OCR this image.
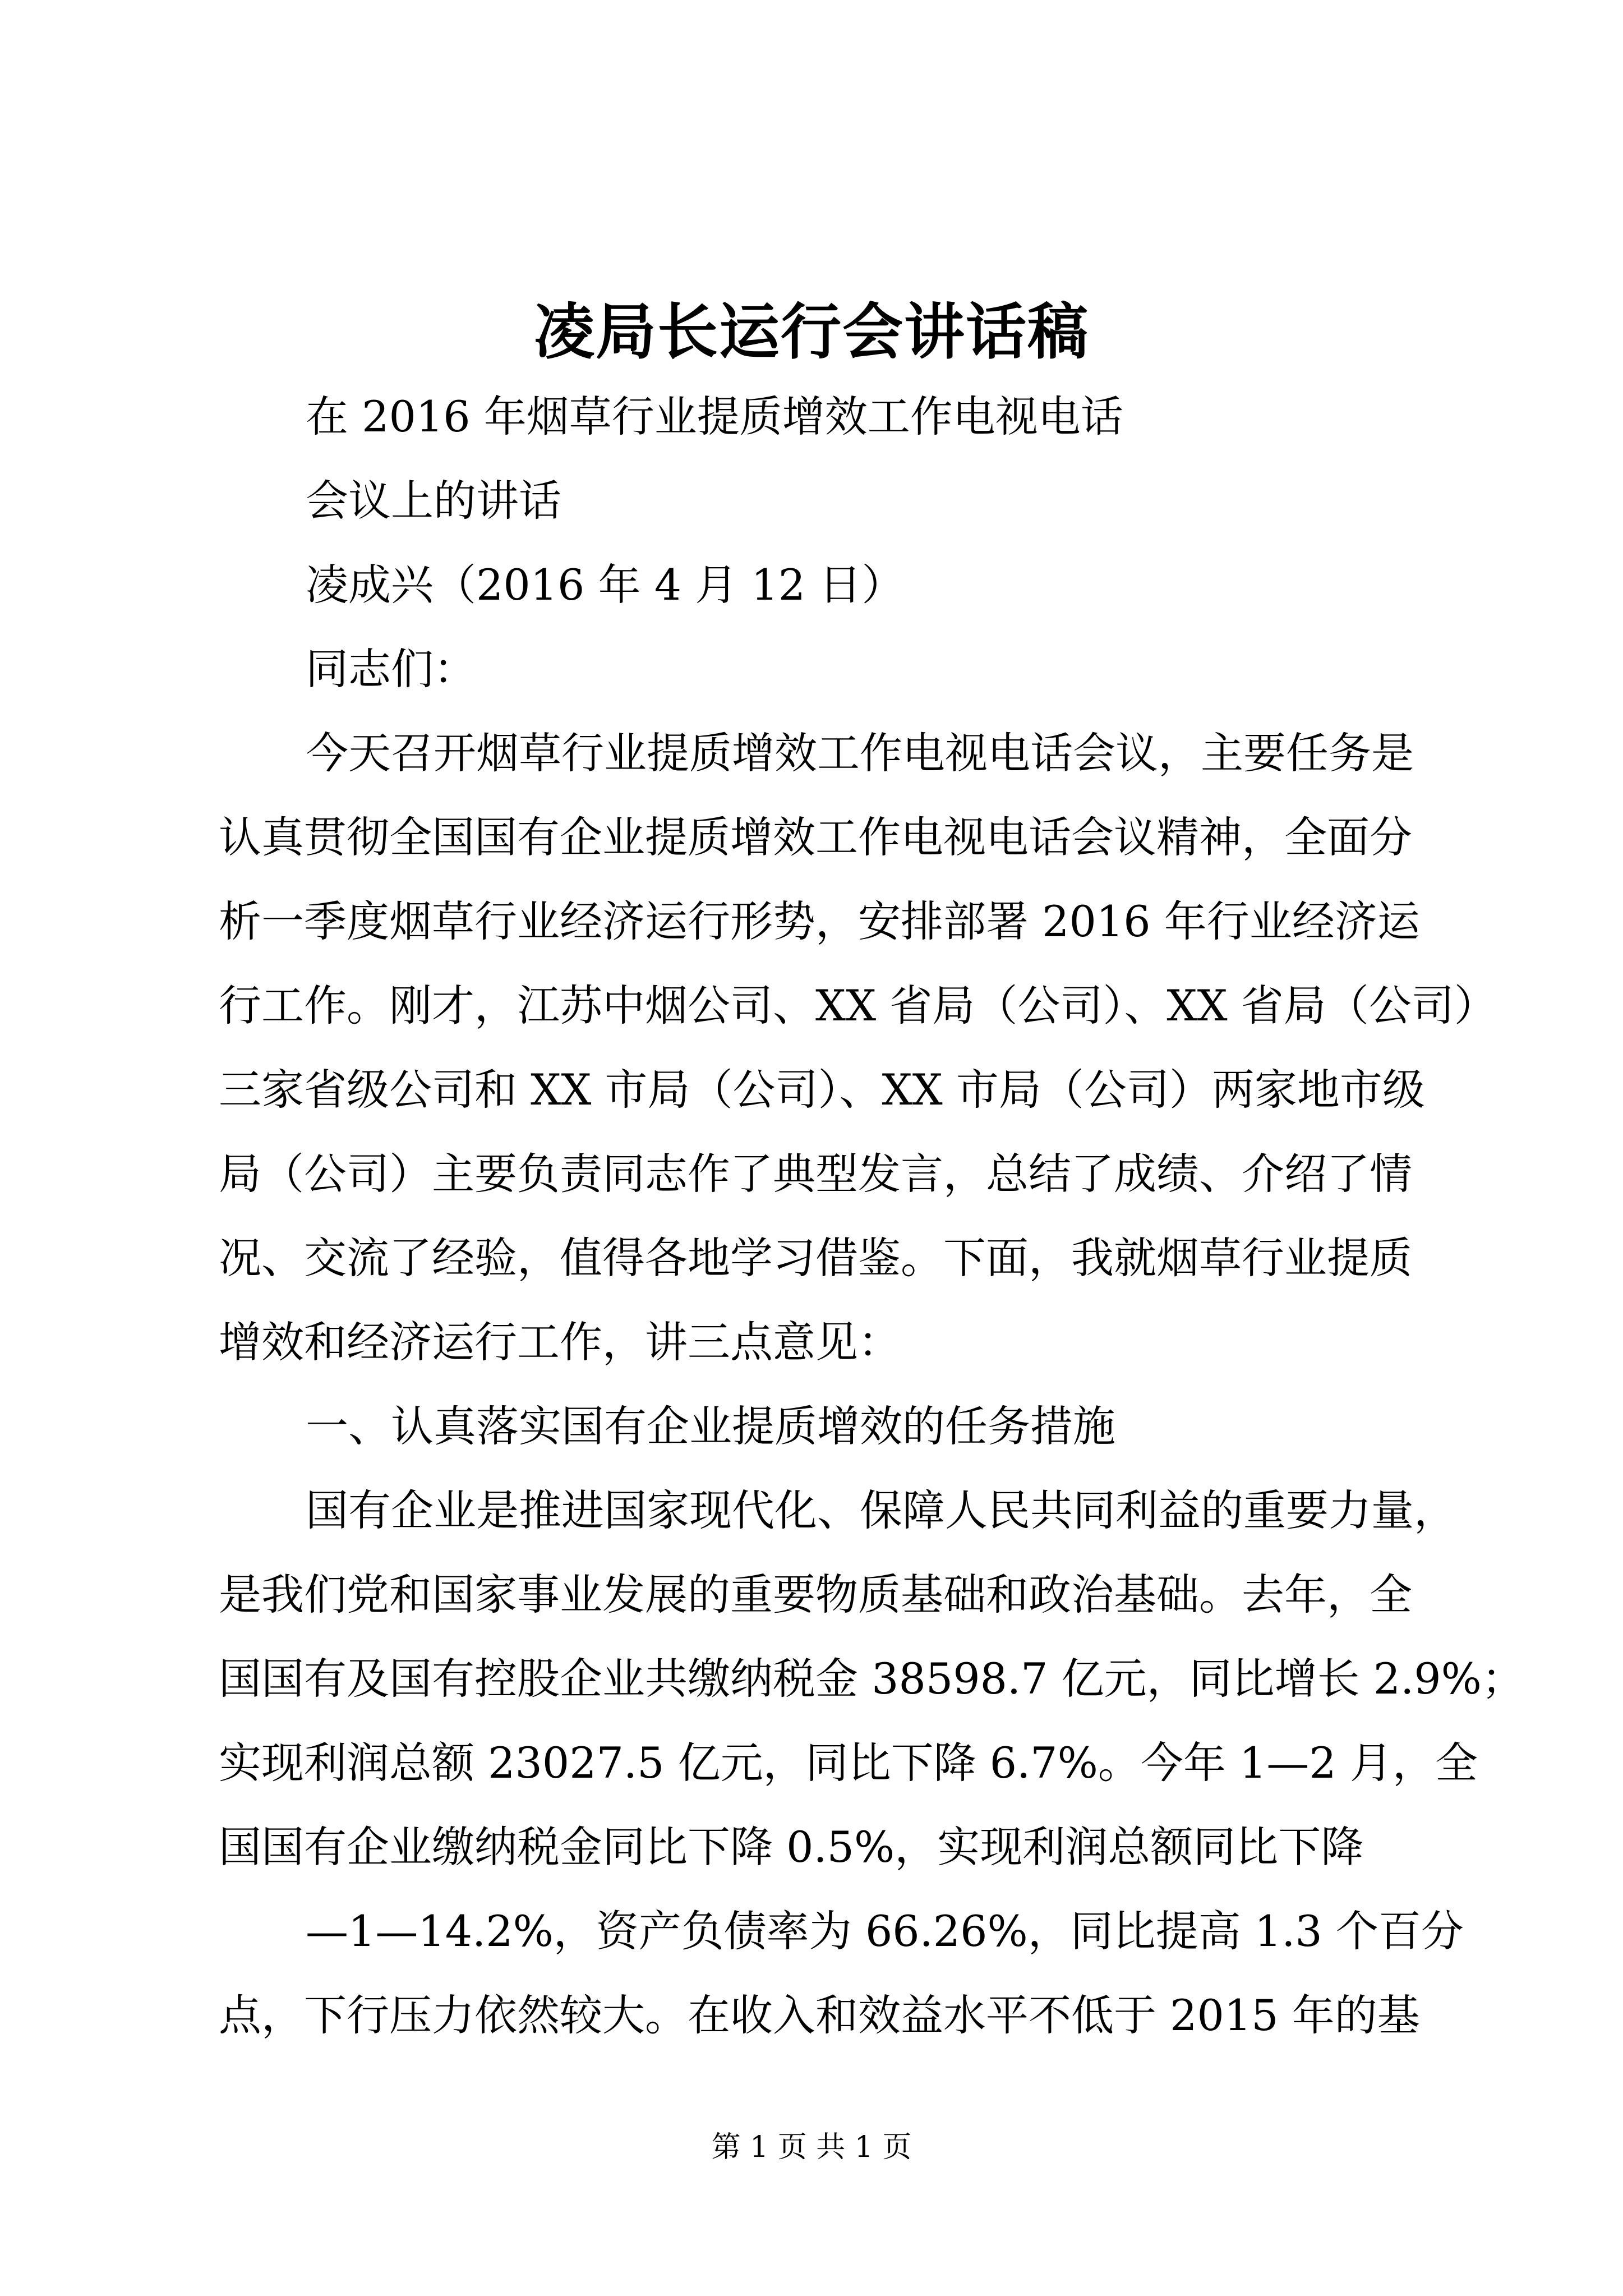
凌局长运行会讲话稿
在 2016 年烟草行业提质增效工作电视电话
会议上的讲话
凌成兴（2016 年 4 月 12 日）
同志们：
今天召开烟草行业提质增效工作电视电话会议，主要任务是
认真贯彻全国国有企业提质增效工作电视电话会议精神，全面分
析一季度烟草行业经济运行形势，安排部署 2016 年行业经济运
行工作。刚才，江苏中烟公司、XX 省局（公司）、XX 省局（公司）
三家省级公司和 XX 市局（公司）、XX 市局（公司）两家地市级
局（公司）主要负责同志作了典型发言，总结了成绩、介绍了情
况、交流了经验，值得各地学习借鉴。下面，我就烟草行业提质
增效和经济运行工作，讲三点意见：
一、认真落实国有企业提质增效的任务措施
国有企业是推进国家现代化、保障人民共同利益的重要力量，
是我们党和国家事业发展的重要物质基础和政治基础。去年，全
国国有及国有控股企业共缴纳税金 38598.7 亿元，同比增长 2.9%；
实现利润总额 23027.5 亿元，同比下降 6.7%。今年 1—2 月，全
国国有企业缴纳税金同比下降 0.5%，实现利润总额同比下降
—1—14.2%，资产负债率为 66.26%，同比提高 1.3 个百分
点，下行压力依然较大。在收入和效益水平不低于 2015 年的基
第 1 页 共 1 页
